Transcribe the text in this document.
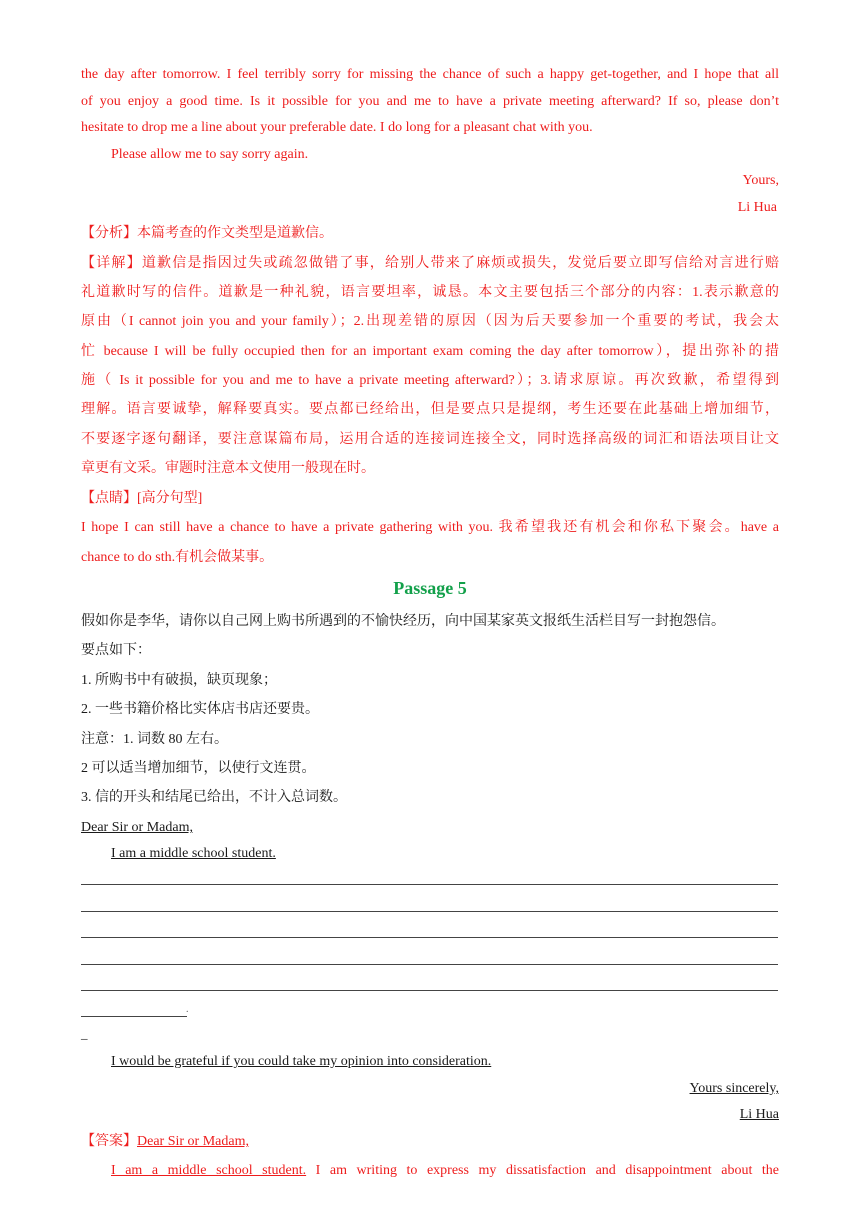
the day after tomorrow. I feel terribly sorry for missing the chance of such a happy get-together, and I hope that all
of you enjoy a good time. Is it possible for you and me to have a private meeting afterward? If so, please don’t
hesitate to drop me a line about your preferable date. I do long for a pleasant chat with you.
Please allow me to say sorry again.
Yours,
Li Hua
【分析】本篇考查的作文类型是道歉信。
【详解】道歉信是指因过失或疏忽做错了事，给别人带来了麻烦或损失，发觉后要立即写信给对言进行赔
礼道歉时写的信件。道歉是一种礼貌，语言要坦率，诚恳。本文主要包括三个部分的内容：1.表示歉意的
原由（I cannot join you and your family）；2.出现差错的原因（因为后天要参加一个重要的考试，我会太
忙 because I will be fully occupied then for an important exam coming the day after tomorrow），提出弥补的措
施（ Is it possible for you and me to have a private meeting afterward?）；3.请求原谅。再次致歉，希望得到
理解。语言要诚挚，解释要真实。要点都已经给出，但是要点只是提纲，考生还要在此基础上增加细节，
不要逐字逐句翻译，要注意谋篇布局，运用合适的连接词连接全文，同时选择高级的词汇和语法项目让文
章更有文采。审题时注意本文使用一般现在时。
【点睛】[高分句型]
I hope I can still have a chance to have a private gathering with you. 我希望我还有机会和你私下聚会。have a
chance to do sth.有机会做某事。
Passage 5
假如你是李华，请你以自己网上购书所遇到的不愉快经历，向中国某家英文报纸生活栏目写一封抱怨信。
要点如下：
1. 所购书中有破损，缺页现象；
2. 一些书籍价格比实体店书店还要贵。
注意：1. 词数 80 左右。
2 可以适当增加细节，以使行文连贯。
3. 信的开头和结尾已给出，不计入总词数。
Dear Sir or Madam,
I am a middle school student.
.
_
I would be grateful if you could take my opinion into consideration.
Yours sincerely,
Li Hua
【答案】Dear Sir or Madam,
I am a middle school student. I am writing to express my dissatisfaction and disappointment about the
